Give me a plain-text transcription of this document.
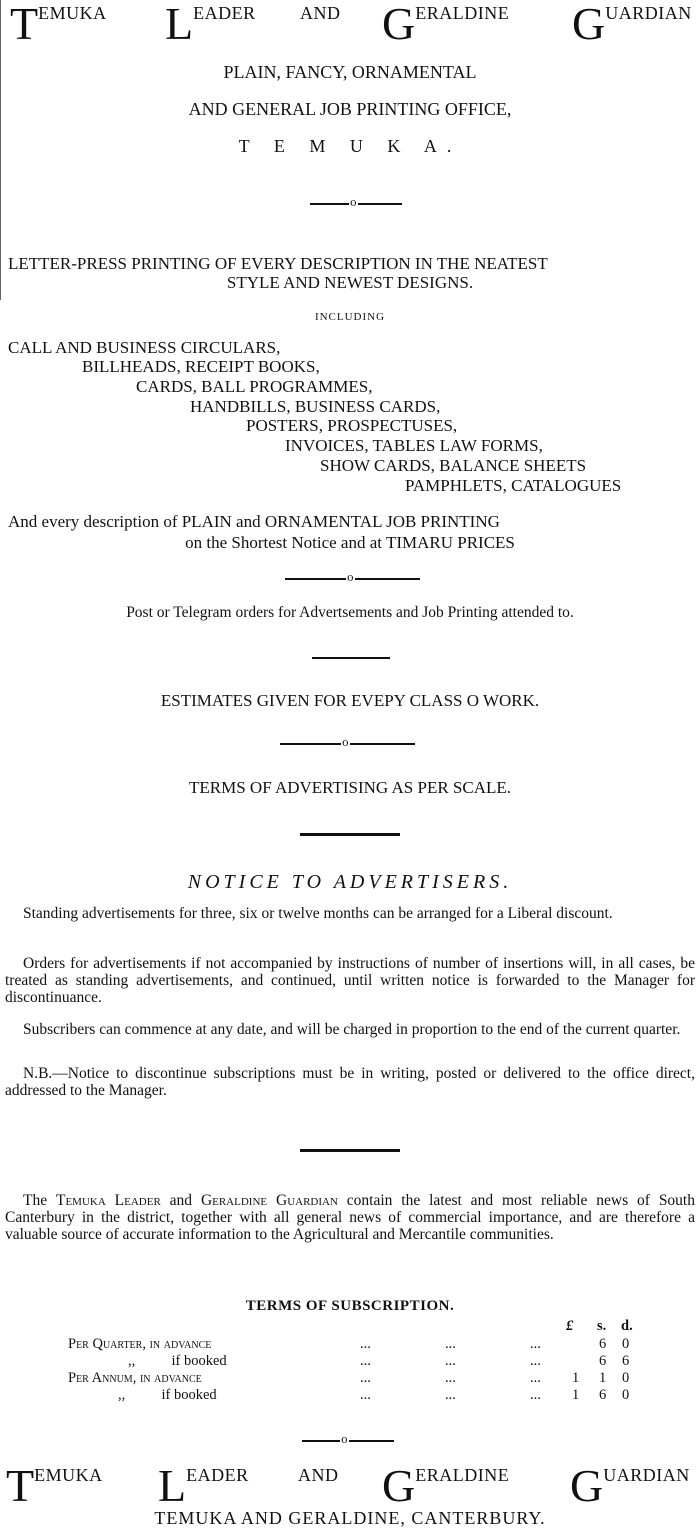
T EMUKA L EADER AND G ERALDINE G UARDIAN
PLAIN, FANCY, ORNAMENTAL
AND GENERAL JOB PRINTING OFFICE,
T E M U K A.
o
LETTER-PRESS PRINTING OF EVERY DESCRIPTION IN THE NEATEST
STYLE AND NEWEST DESIGNS.
INCLUDING
CALL AND BUSINESS CIRCULARS,
BILLHEADS, RECEIPT BOOKS,
CARDS, BALL PROGRAMMES,
HANDBILLS, BUSINESS CARDS,
POSTERS, PROSPECTUSES,
INVOICES, TABLES LAW FORMS,
SHOW CARDS, BALANCE SHEETS
PAMPHLETS, CATALOGUES
And every description of PLAIN and ORNAMENTAL JOB PRINTING
on the Shortest Notice and at TIMARU PRICES
o
Post or Telegram orders for Advertsements and Job Printing attended to.
ESTIMATES GIVEN FOR EVEPY CLASS O WORK.
o
TERMS OF ADVERTISING AS PER SCALE.
NOTICE TO ADVERTISERS.
Standing advertisements for three, six or twelve months can be arranged for a Liberal discount.
Orders for advertisements if not accompanied by instructions of number of insertions will, in all cases, be treated as standing advertisements, and continued, until written notice is forwarded to the Manager for discontinuance.
Subscribers can commence at any date, and will be charged in proportion to the end of the current quarter.
N.B.—Notice to discontinue subscriptions must be in writing, posted or delivered to the office direct, addressed to the Manager.
The Temuka Leader and Geraldine Guardian contain the latest and most reliable news of South Canterbury in the district, together with all general news of commercial importance, and are therefore a valuable source of accurate information to the Agricultural and Mercantile communities.
TERMS OF SUBSCRIPTION.
£ s. d.
Per Quarter, in advance	...	...	...	6 0
,,          if booked	...	...	...	6 6
Per Annum, in advance	...	...	... 1 1 0
,,          if booked	...	...	... 1 6 0
o
T EMUKA L EADER	AND G ERALDINE G UARDIAN
TEMUKA AND GERALDINE, CANTERBURY.
